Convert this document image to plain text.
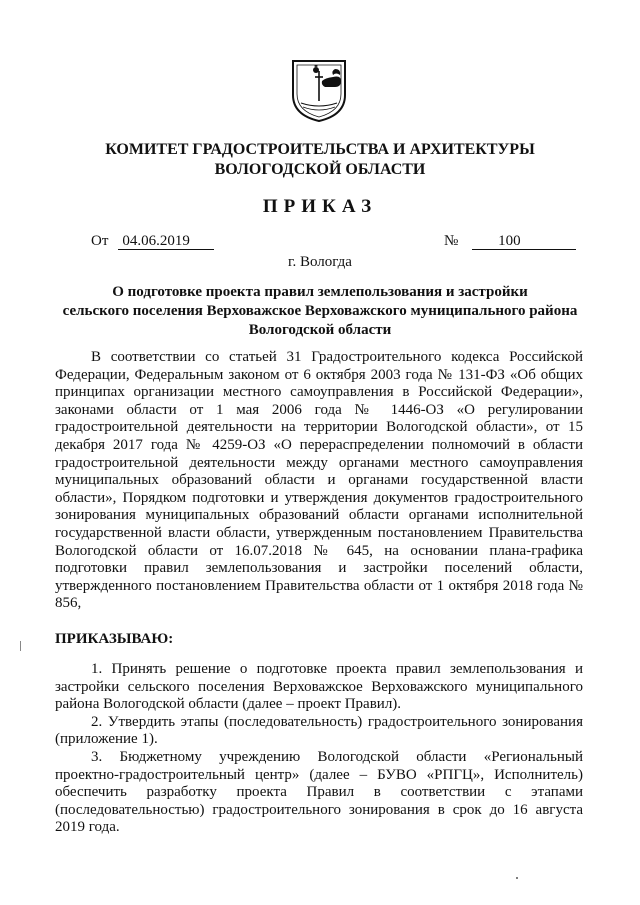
КОМИТЕТ ГРАДОСТРОИТЕЛЬСТВА И АРХИТЕКТУРЫ
ВОЛОГОДСКОЙ ОБЛАСТИ
ПРИКАЗ
От 04.06.2019	№	100
г. Вологда
О подготовке проекта правил землепользования и застройки
сельского поселения Верховажское Верховажского муниципального района
Вологодской области

В соответствии со статьей 31 Градостроительного кодекса Российской Федерации, Федеральным законом от 6 октября 2003 года № 131-ФЗ «Об общих принципах организации местного самоуправления в Российской Федерации», законами области от 1 мая 2006 года № 1446-ОЗ «О регулировании градостроительной деятельности на территории Вологодской области», от 15 декабря 2017 года № 4259-ОЗ «О перераспределении полномочий в области градостроительной деятельности между органами местного самоуправления муниципальных образований области и органами государственной власти области», Порядком подготовки и утверждения документов градостроительного зонирования муниципальных образований области органами исполнительной государственной власти области, утвержденным постановлением Правительства Вологодской области от 16.07.2018 № 645, на основании плана-графика подготовки правил землепользования и застройки поселений области, утвержденного постановлением Правительства области от 1 октября 2018 года № 856,

ПРИКАЗЫВАЮ:

1. Принять решение о подготовке проекта правил землепользования и застройки сельского поселения Верховажское Верховажского муниципального района Вологодской области (далее – проект Правил).

2. Утвердить этапы (последовательность) градостроительного зонирования (приложение 1).

3. Бюджетному учреждению Вологодской области «Региональный проектно-градостроительный центр» (далее – БУВО «РПГЦ», Исполнитель) обеспечить разработку проекта Правил в соответствии с этапами (последовательностью) градостроительного зонирования в срок до 16 августа 2019 года.
